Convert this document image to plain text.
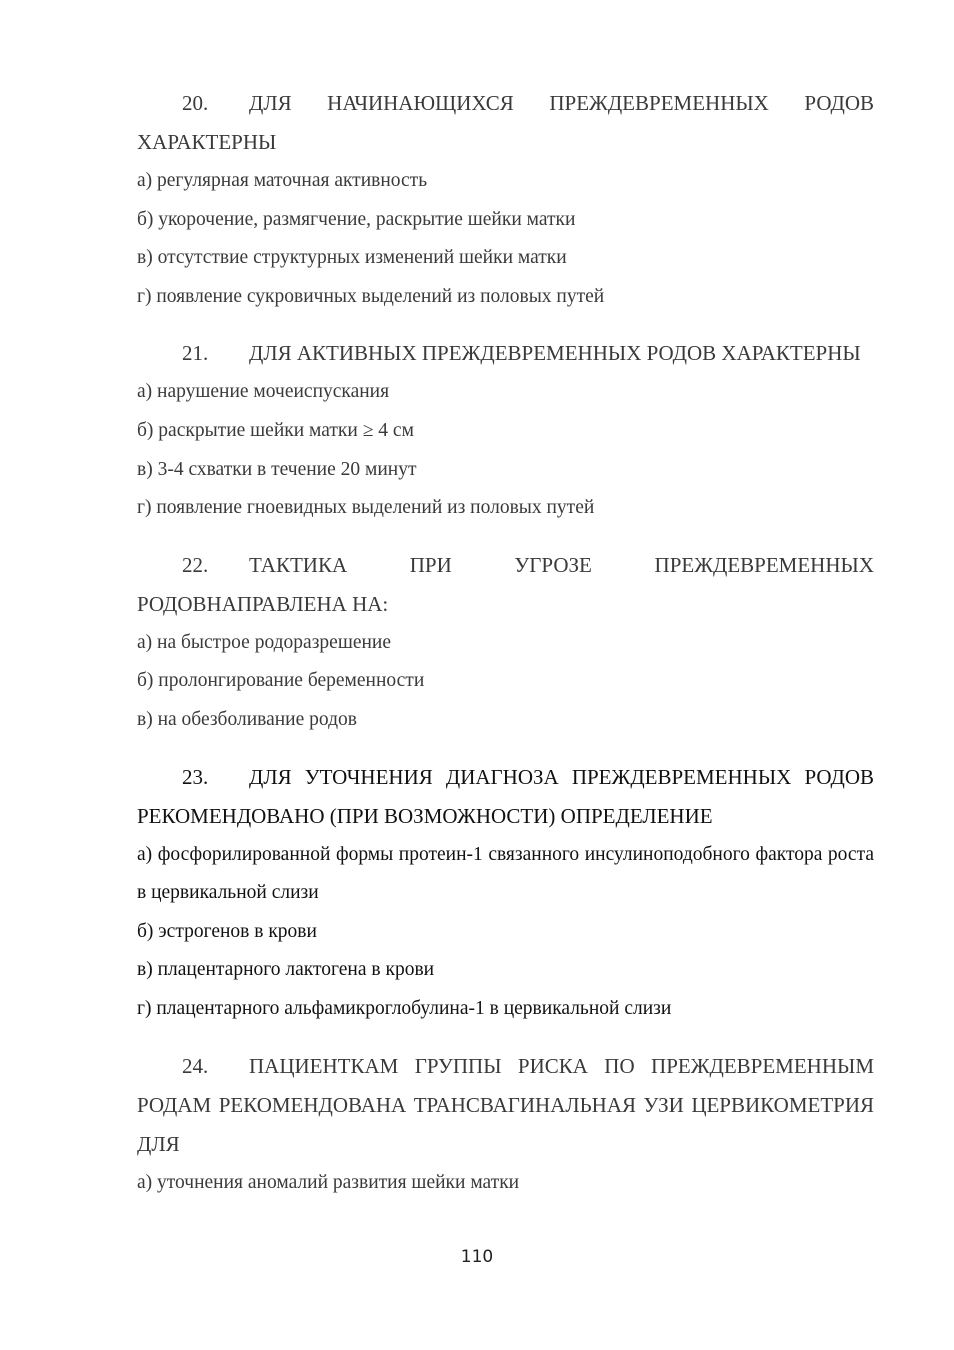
20. ДЛЯ НАЧИНАЮЩИХСЯ ПРЕЖДЕВРЕМЕННЫХ РОДОВ ХАРАКТЕРНЫ
а) регулярная маточная активность
б) укорочение, размягчение, раскрытие шейки матки
в) отсутствие структурных изменений шейки матки
г) появление сукровичных выделений из половых путей
21. ДЛЯ АКТИВНЫХ ПРЕЖДЕВРЕМЕННЫХ РОДОВ ХАРАКТЕРНЫ
а) нарушение мочеиспускания
б) раскрытие шейки матки ≥ 4 см
в) 3-4 схватки в течение 20 минут
г) появление гноевидных выделений из половых путей
22. ТАКТИКА ПРИ УГРОЗЕ ПРЕЖДЕВРЕМЕННЫХ РОДОВНАПРАВЛЕНА НА:
а) на быстрое родоразрешение
б) пролонгирование беременности
в) на обезболивание родов
23. ДЛЯ УТОЧНЕНИЯ ДИАГНОЗА ПРЕЖДЕВРЕМЕННЫХ РОДОВ РЕКОМЕНДОВАНО (ПРИ ВОЗМОЖНОСТИ) ОПРЕДЕЛЕНИЕ
а) фосфорилированной формы протеин-1 связанного инсулиноподобного фактора роста в цервикальной слизи
б) эстрогенов в крови
в) плацентарного лактогена в крови
г) плацентарного альфамикроглобулина-1 в цервикальной слизи
24. ПАЦИЕНТКАМ ГРУППЫ РИСКА ПО ПРЕЖДЕВРЕМЕННЫМ РОДАМ РЕКОМЕНДОВАНА ТРАНСВАГИНАЛЬНАЯ УЗИ ЦЕРВИКОМЕТРИЯ ДЛЯ
а) уточнения аномалий развития шейки матки
110
